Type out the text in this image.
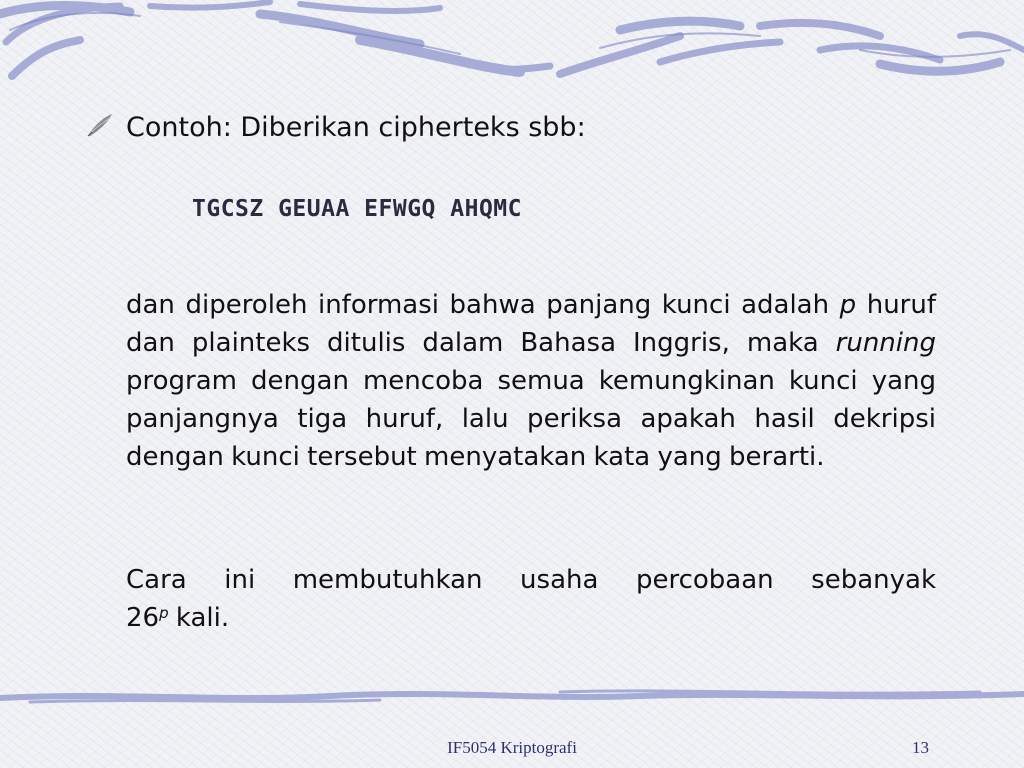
Contoh: Diberikan cipherteks sbb:
TGCSZ GEUAA EFWGQ AHQMC
dan diperoleh informasi bahwa panjang kunci adalah p huruf  dan plainteks ditulis dalam Bahasa Inggris, maka running program dengan mencoba semua kemungkinan kunci yang panjangnya tiga huruf, lalu periksa apakah hasil dekripsi dengan kunci tersebut menyatakan kata yang berarti.
Cara ini membutuhkan usaha percobaan sebanyak
26$^p$ kali.
IF5054 Kriptografi	13
